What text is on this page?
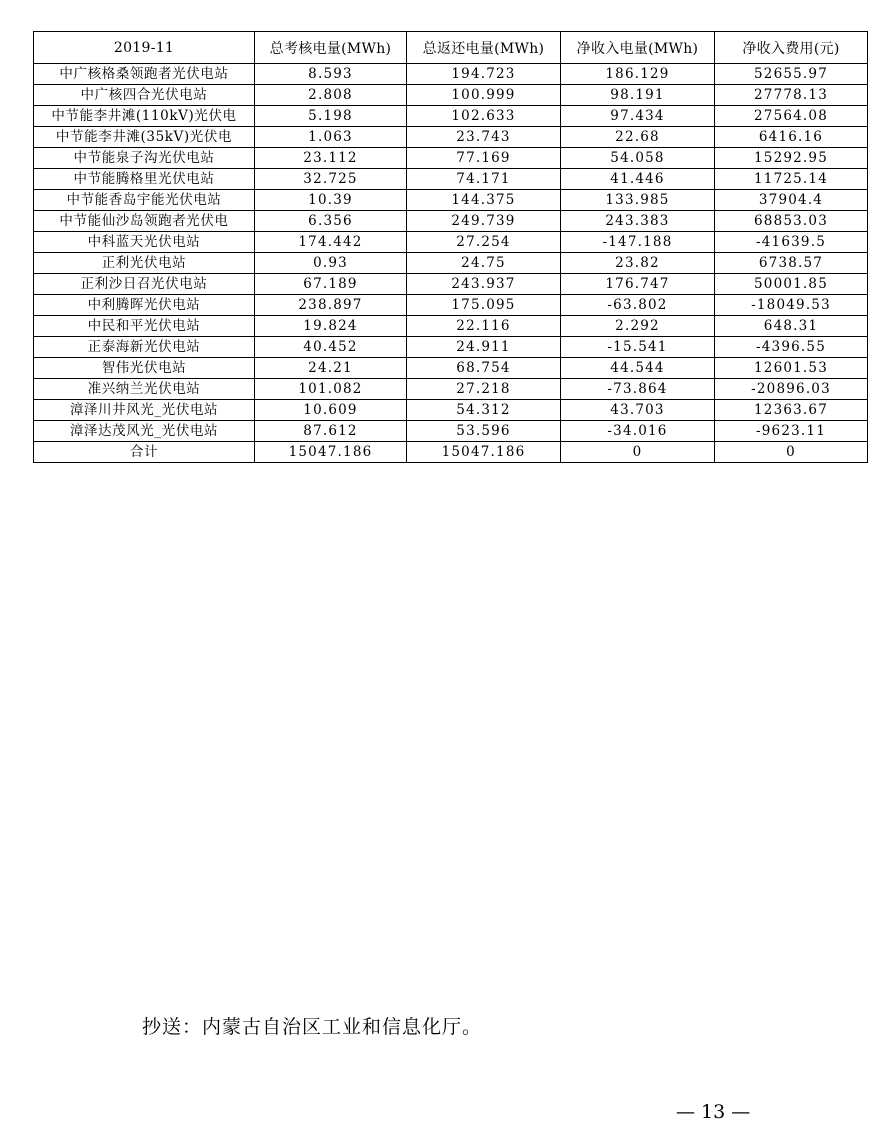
2019-11	总考核电量(MWh)	总返还电量(MWh)	净收入电量(MWh)	净收入费用(元)
中广核格桑领跑者光伏电站	8.593	194.723	186.129	52655.97
中广核四合光伏电站	2.808	100.999	98.191	27778.13
中节能李井滩(110kV)光伏电	5.198	102.633	97.434	27564.08
中节能李井滩(35kV)光伏电	1.063	23.743	22.68	6416.16
中节能泉子沟光伏电站	23.112	77.169	54.058	15292.95
中节能腾格里光伏电站	32.725	74.171	41.446	11725.14
中节能香岛宇能光伏电站	10.39	144.375	133.985	37904.4
中节能仙沙岛领跑者光伏电	6.356	249.739	243.383	68853.03
中科蓝天光伏电站	174.442	27.254	-147.188	-41639.5
正利光伏电站	0.93	24.75	23.82	6738.57
正利沙日召光伏电站	67.189	243.937	176.747	50001.85
中利腾晖光伏电站	238.897	175.095	-63.802	-18049.53
中民和平光伏电站	19.824	22.116	2.292	648.31
正泰海新光伏电站	40.452	24.911	-15.541	-4396.55
智伟光伏电站	24.21	68.754	44.544	12601.53
准兴纳兰光伏电站	101.082	27.218	-73.864	-20896.03
漳泽川井风光_光伏电站	10.609	54.312	43.703	12363.67
漳泽达茂风光_光伏电站	87.612	53.596	-34.016	-9623.11
合计	15047.186	15047.186	0	0
抄送：内蒙古自治区工业和信息化厅。
— 13 —
